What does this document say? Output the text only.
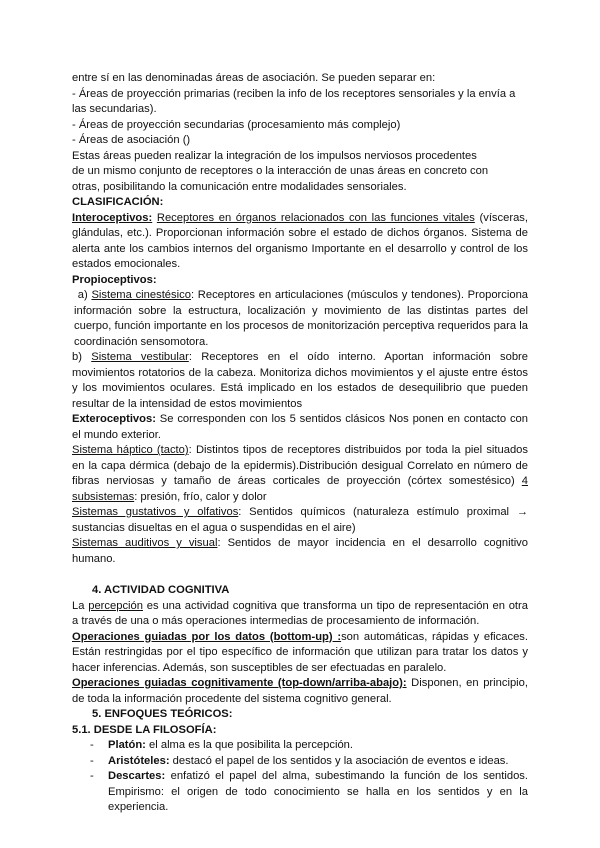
entre sí en las denominadas áreas de asociación. Se pueden separar en:

- Áreas de proyección primarias (reciben la info de los receptores sensoriales y la envía a las secundarias).

- Áreas de proyección secundarias (procesamiento más complejo)

- Áreas de asociación ()

Estas áreas pueden realizar la integración de los impulsos nerviosos procedentes

de un mismo conjunto de receptores o la interacción de unas áreas en concreto con

otras, posibilitando la comunicación entre modalidades sensoriales.

CLASIFICACIÓN:

Interoceptivos: Receptores en órganos relacionados con las funciones vitales (vísceras, glándulas, etc.). Proporcionan información sobre el estado de dichos órganos. Sistema de alerta ante los cambios internos del organismo Importante en el desarrollo y control de los estados emocionales.

Propioceptivos:

a) Sistema cinestésico: Receptores en articulaciones (músculos y tendones). Proporciona información sobre la estructura, localización y movimiento de las distintas partes del cuerpo, función importante en los procesos de monitorización perceptiva requeridos para la coordinación sensomotora.

b) Sistema vestibular: Receptores en el oído interno. Aportan información sobre movimientos rotatorios de la cabeza. Monitoriza dichos movimientos y el ajuste entre éstos y los movimientos oculares. Está implicado en los estados de desequilibrio que pueden resultar de la intensidad de estos movimientos

Exteroceptivos: Se corresponden con los 5 sentidos clásicos Nos ponen en contacto con el mundo exterior.

Sistema háptico (tacto): Distintos tipos de receptores distribuidos por toda la piel situados en la capa dérmica (debajo de la epidermis).Distribución desigual Correlato en número de fibras nerviosas y tamaño de áreas corticales de proyección (córtex somestésico) 4 subsistemas: presión, frío, calor y dolor

Sistemas gustativos y olfativos: Sentidos químicos (naturaleza estímulo proximal → sustancias disueltas en el agua o suspendidas en el aire)

Sistemas auditivos y visual: Sentidos de mayor incidencia en el desarrollo cognitivo humano.

4. ACTIVIDAD COGNITIVA

La percepción es una actividad cognitiva que transforma un tipo de representación en otra a través de una o más operaciones intermedias de procesamiento de información.

Operaciones guiadas por los datos (bottom-up) :son automáticas, rápidas y eficaces. Están restringidas por el tipo específico de información que utilizan para tratar los datos y hacer inferencias. Además, son susceptibles de ser efectuadas en paralelo.

Operaciones guiadas cognitivamente (top-down/arriba-abajo): Disponen, en principio, de toda la información procedente del sistema cognitivo general.

5. ENFOQUES TEÓRICOS:

5.1. DESDE LA FILOSOFÍA:

- Platón: el alma es la que posibilita la percepción.
- Aristóteles: destacó el papel de los sentidos y la asociación de eventos e ideas.
- Descartes: enfatizó el papel del alma, subestimando la función de los sentidos. Empirismo: el origen de todo conocimiento se halla en los sentidos y en la experiencia.
